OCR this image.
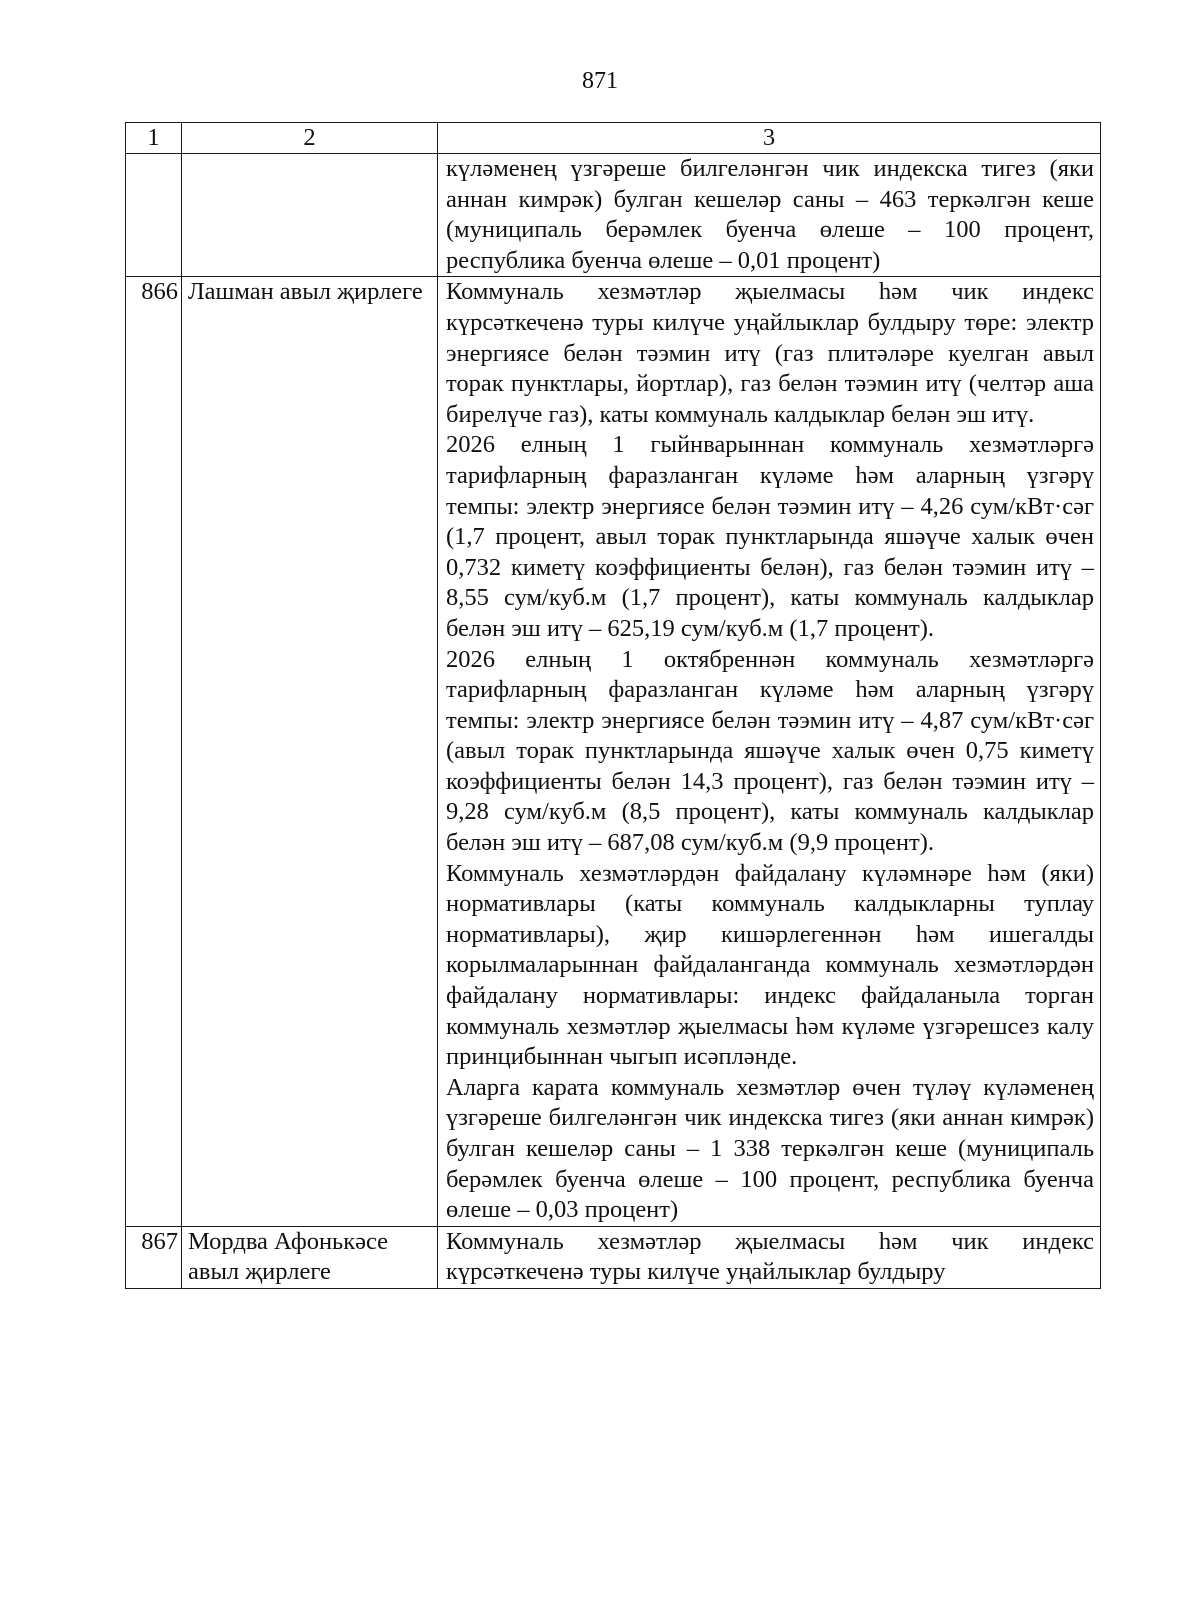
871
1	2	3

		күләменең үзгәреше билгеләнгән чик индекска тигез (яки аннан кимрәк) булган кешеләр саны – 463 теркәлгән кеше (муниципаль берәмлек буенча өлеше – 100 процент, республика буенча өлеше – 0,01 процент)

866	Лашман авыл җирлеге	Коммуналь хезмәтләр җыелмасы һәм чик индекс күрсәткеченә туры килүче уңайлыклар булдыру төре: электр энергиясе белән тәэмин итү (газ плитәләре куелган авыл торак пунктлары, йортлар), газ белән тәэмин итү (челтәр аша бирелүче газ), каты коммуналь калдыклар белән эш итү.

2026 елның 1 гыйнварыннан коммуналь хезмәтләргә тарифларның фаразланган күләме һәм аларның үзгәрү темпы: электр энергиясе белән тәэмин итү – 4,26 сум/кВт·сәг (1,7 процент, авыл торак пунктларында яшәүче халык өчен 0,732 киметү коэффициенты белән), газ белән тәэмин итү – 8,55 сум/куб.м (1,7 процент), каты коммуналь калдыклар белән эш итү – 625,19 сум/куб.м (1,7 процент).

2026 елның 1 октябреннән коммуналь хезмәтләргә тарифларның фаразланган күләме һәм аларның үзгәрү темпы: электр энергиясе белән тәэмин итү – 4,87 сум/кВт·сәг (авыл торак пунктларында яшәүче халык өчен 0,75 киметү коэффициенты белән 14,3 процент), газ белән тәэмин итү – 9,28 сум/куб.м (8,5 процент), каты коммуналь калдыклар белән эш итү – 687,08 сум/куб.м (9,9 процент).

Коммуналь хезмәтләрдән файдалану күләмнәре һәм (яки) нормативлары (каты коммуналь калдыкларны туплау нормативлары), җир кишәрлегеннән һәм ишегалды корылмаларыннан файдаланганда коммуналь хезмәтләрдән файдалану нормативлары: индекс файдаланыла торган коммуналь хезмәтләр җыелмасы һәм күләме үзгәрешсез калу принцибыннан чыгып исәпләнде.

Аларга карата коммуналь хезмәтләр өчен түләү күләменең үзгәреше билгеләнгән чик индекска тигез (яки аннан кимрәк) булган кешеләр саны – 1 338 теркәлгән кеше (муниципаль берәмлек буенча өлеше – 100 процент, республика буенча өлеше – 0,03 процент)

867	Мордва Афонькәсе авыл җирлеге	Коммуналь хезмәтләр җыелмасы һәм чик индекс күрсәткеченә туры килүче уңайлыклар булдыру
